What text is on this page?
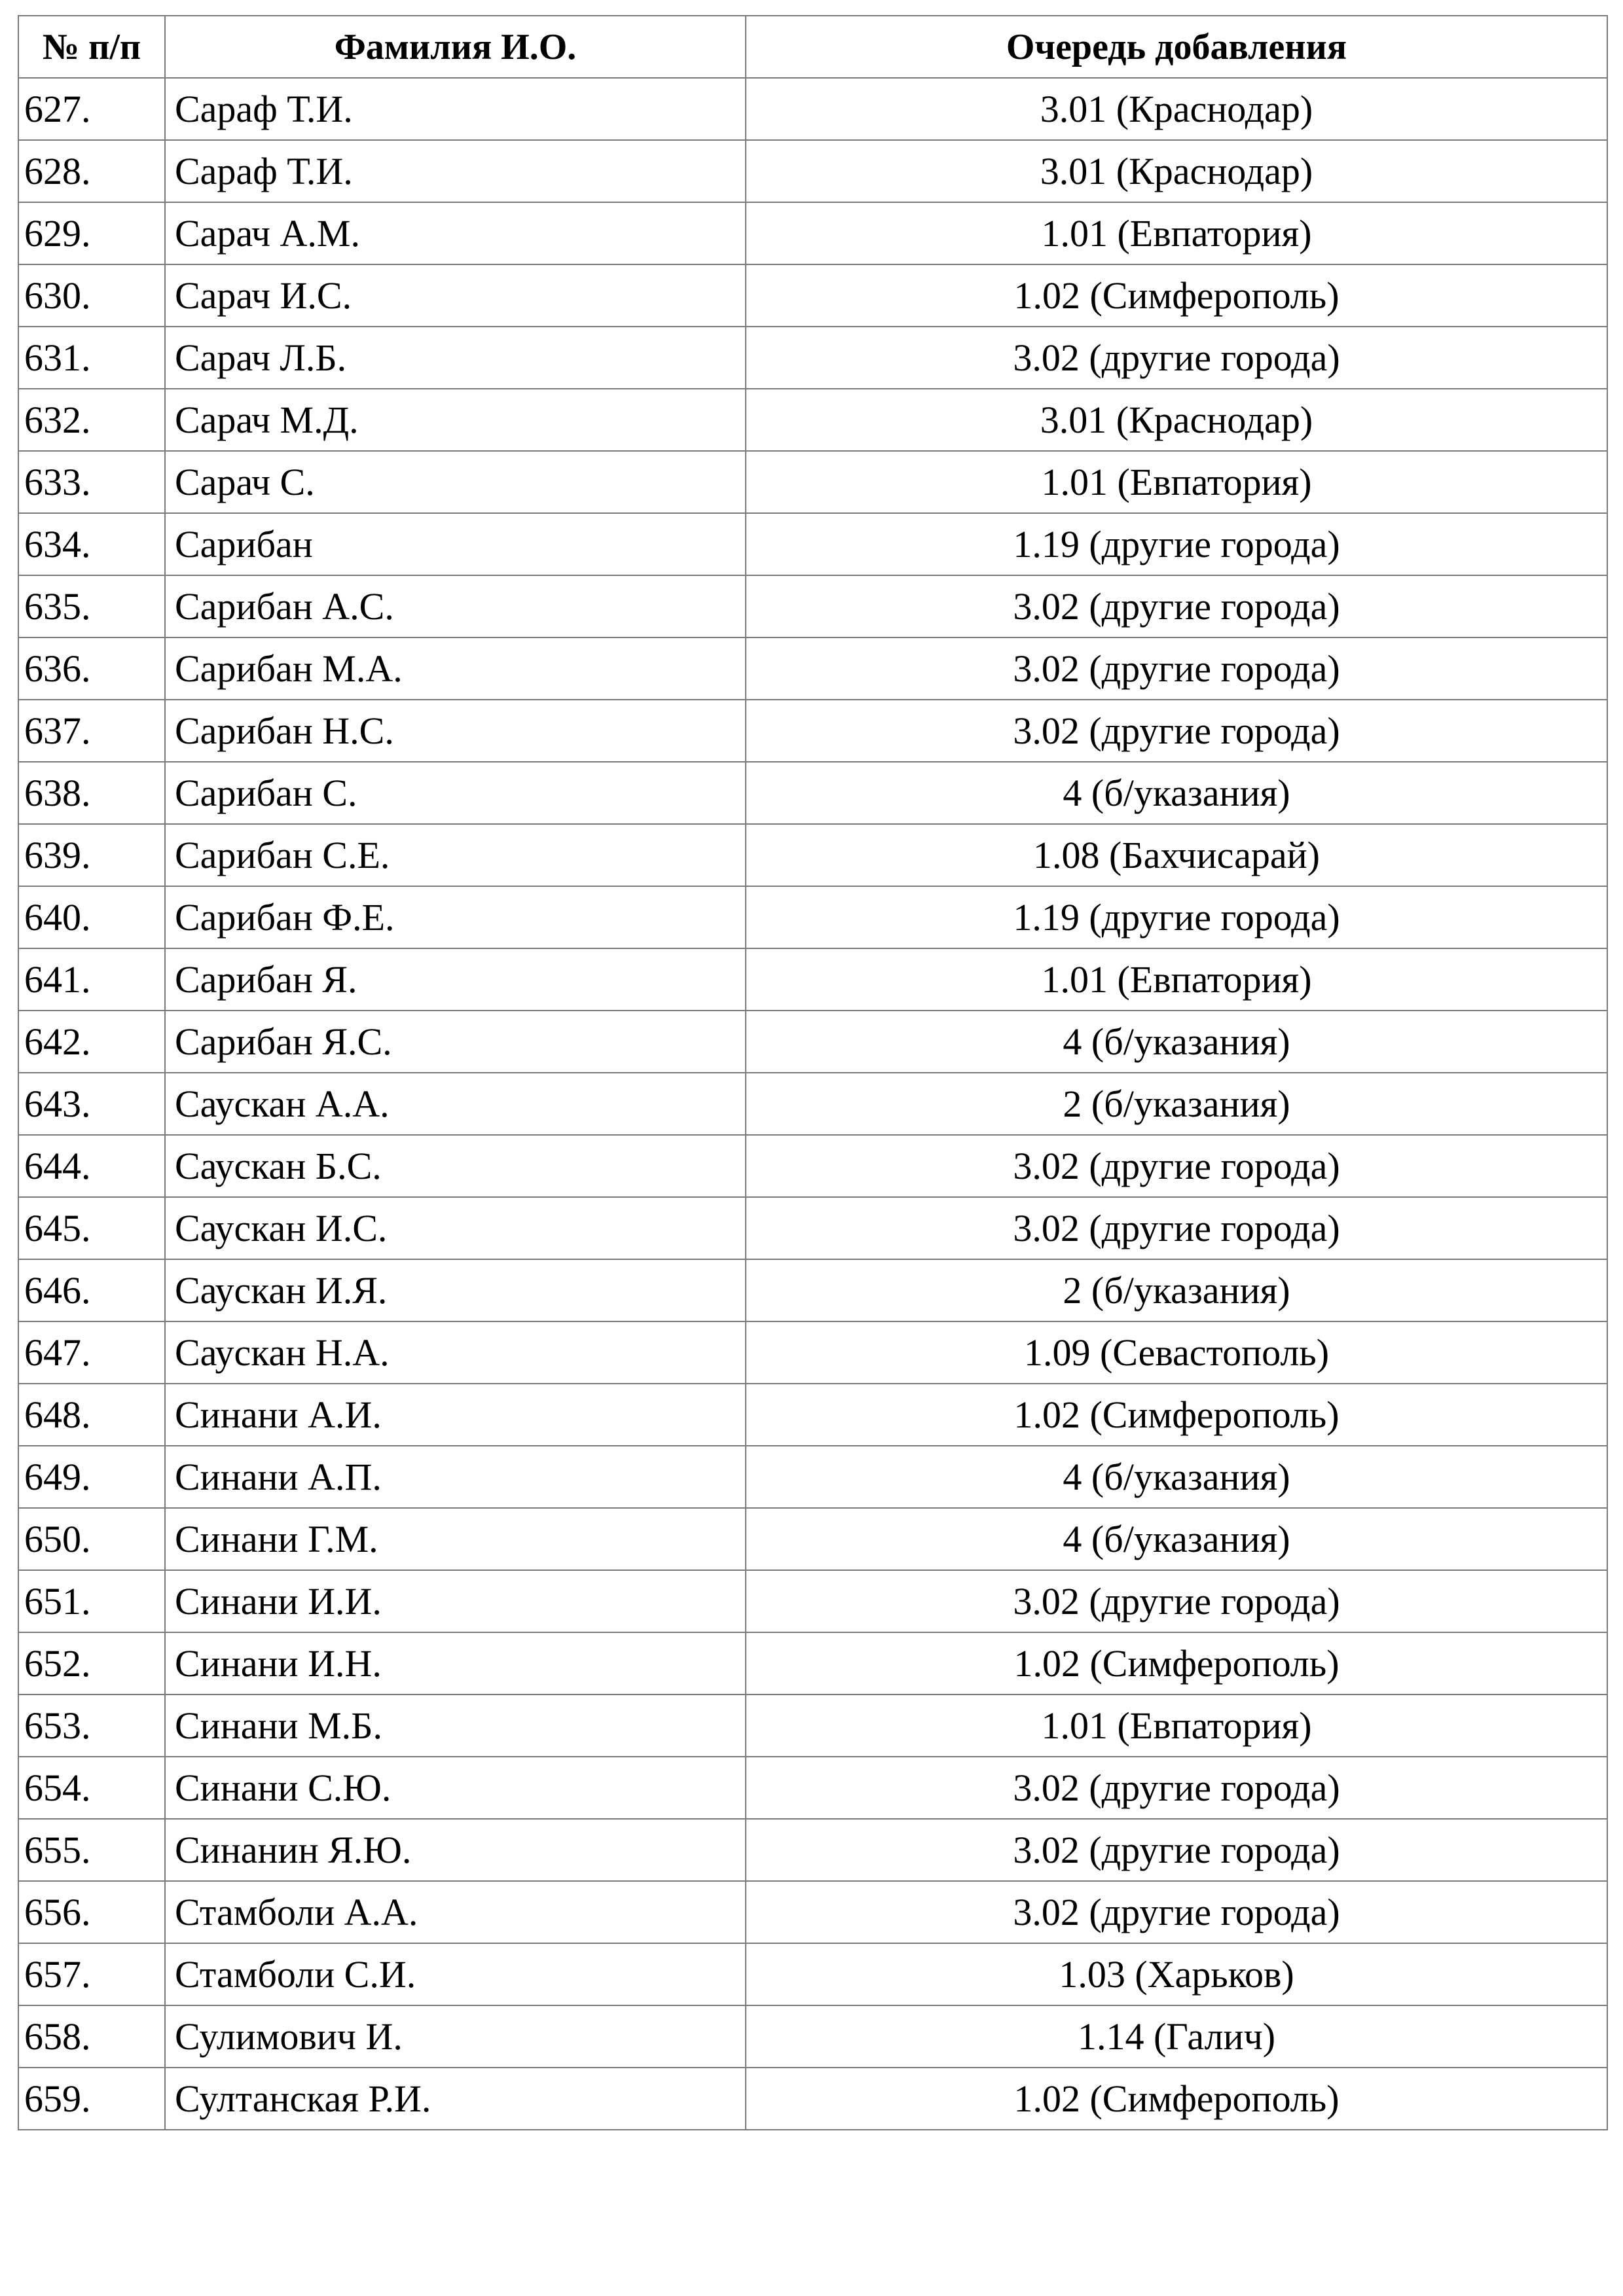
№ п/п	Фамилия И.О.	Очередь добавления
627.	Сараф Т.И.	3.01 (Краснодар)
628.	Сараф Т.И.	3.01 (Краснодар)
629.	Сарач А.М.	1.01 (Евпатория)
630.	Сарач И.С.	1.02 (Симферополь)
631.	Сарач Л.Б.	3.02 (другие города)
632.	Сарач М.Д.	3.01 (Краснодар)
633.	Сарач С.	1.01 (Евпатория)
634.	Сарибан	1.19 (другие города)
635.	Сарибан А.С.	3.02 (другие города)
636.	Сарибан М.А.	3.02 (другие города)
637.	Сарибан Н.С.	3.02 (другие города)
638.	Сарибан С.	4 (б/указания)
639.	Сарибан С.Е.	1.08 (Бахчисарай)
640.	Сарибан Ф.Е.	1.19 (другие города)
641.	Сарибан Я.	1.01 (Евпатория)
642.	Сарибан Я.С.	4 (б/указания)
643.	Саускан А.А.	2 (б/указания)
644.	Саускан Б.С.	3.02 (другие города)
645.	Саускан И.С.	3.02 (другие города)
646.	Саускан И.Я.	2 (б/указания)
647.	Саускан Н.А.	1.09 (Севастополь)
648.	Синани А.И.	1.02 (Симферополь)
649.	Синани А.П.	4 (б/указания)
650.	Синани Г.М.	4 (б/указания)
651.	Синани И.И.	3.02 (другие города)
652.	Синани И.Н.	1.02 (Симферополь)
653.	Синани М.Б.	1.01 (Евпатория)
654.	Синани С.Ю.	3.02 (другие города)
655.	Синанин Я.Ю.	3.02 (другие города)
656.	Стамболи А.А.	3.02 (другие города)
657.	Стамболи С.И.	1.03 (Харьков)
658.	Сулимович И.	1.14 (Галич)
659.	Султанская Р.И.	1.02 (Симферополь)
